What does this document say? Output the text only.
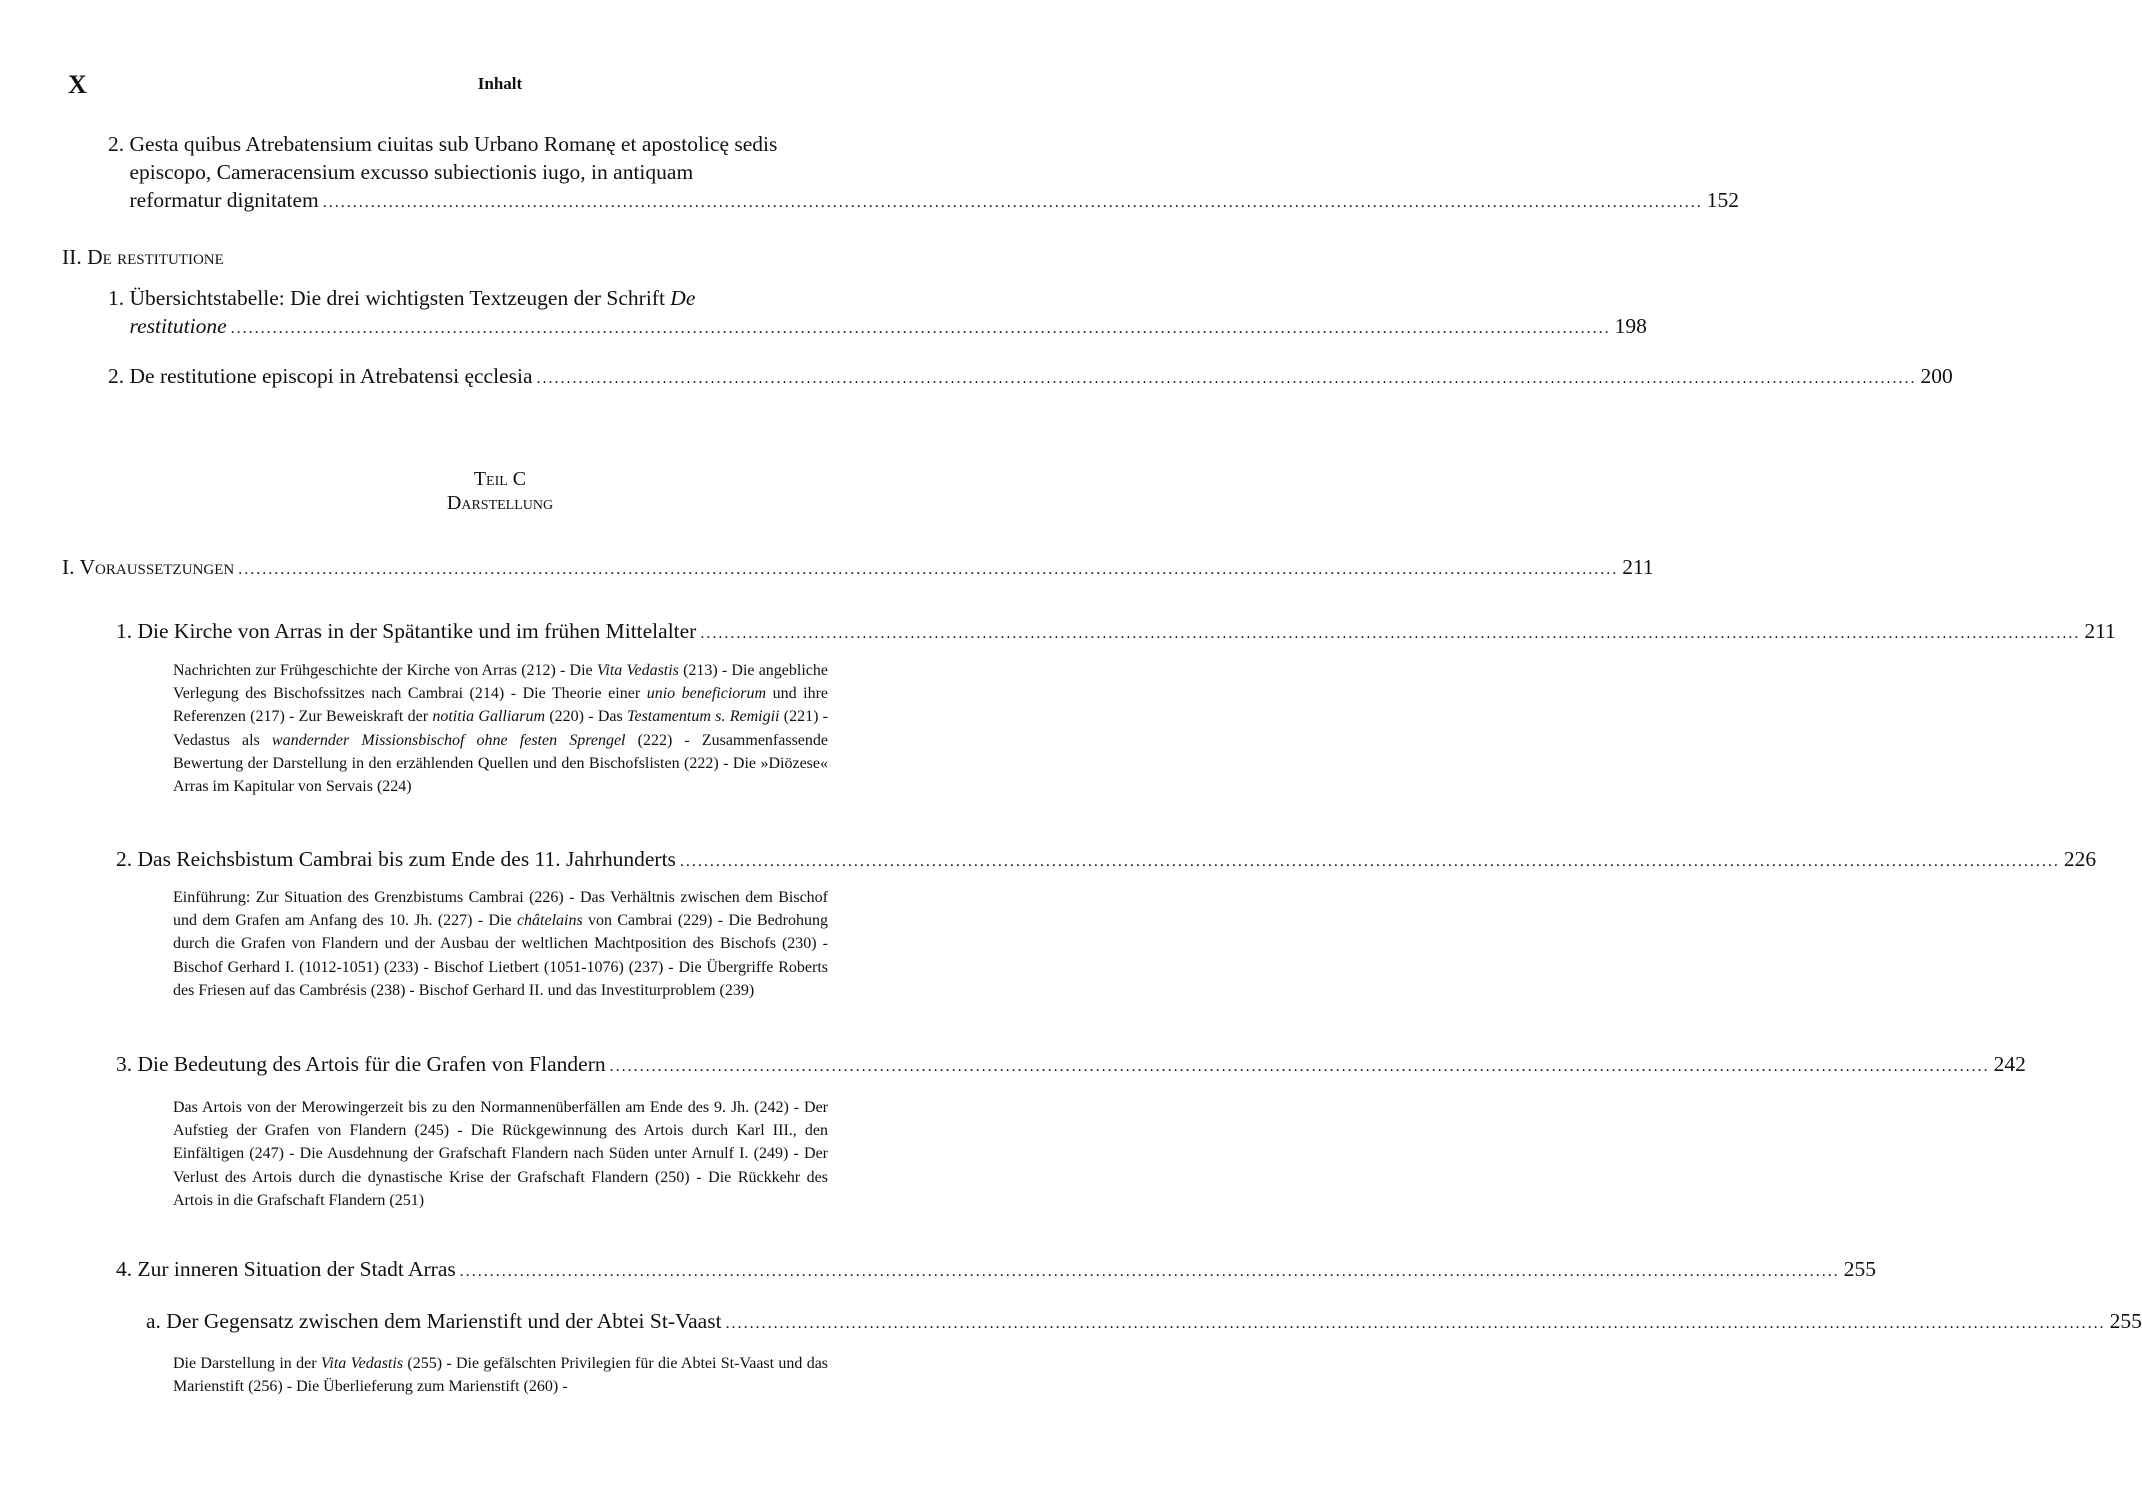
X	Inhalt
2.
Gesta quibus Atrebatensium ciuitas sub Urbano Romanę et apostolicę sedis
episcopo, Cameracensium excusso subiectionis iugo, in antiquam
reformatur dignitatem .....	152
II. De restitutione
1.
Übersichtstabelle: Die drei wichtigsten Textzeugen der Schrift De
restitutione .....	198
2.
De restitutione episcopi in Atrebatensi ęcclesia .....	200
Teil C
Darstellung
I. Voraussetzungen .....	211
1.
Die Kirche von Arras in der Spätantike und im frühen Mittelalter .....	211
Nachrichten zur Frühgeschichte der Kirche von Arras (212) - Die Vita Vedastis (213) - Die angebliche Verlegung des Bischofssitzes nach Cambrai (214) - Die Theorie einer unio beneficiorum und ihre Referenzen (217) - Zur Beweiskraft der notitia Galliarum (220) - Das Testamentum s. Remigii (221) - Vedastus als wandernder Missionsbischof ohne festen Sprengel (222) - Zusammenfassende Bewertung der Darstellung in den erzählenden Quellen und den Bischofslisten (222) - Die »Diözese« Arras im Kapitular von Servais (224)
2.
Das Reichsbistum Cambrai bis zum Ende des 11. Jahrhunderts .....	226
Einführung: Zur Situation des Grenzbistums Cambrai (226) - Das Verhältnis zwischen dem Bischof und dem Grafen am Anfang des 10. Jh. (227) - Die châtelains von Cambrai (229) - Die Bedrohung durch die Grafen von Flandern und der Ausbau der weltlichen Machtposition des Bischofs (230) - Bischof Gerhard I. (1012-1051) (233) - Bischof Lietbert (1051-1076) (237) - Die Übergriffe Roberts des Friesen auf das Cambrésis (238) - Bischof Gerhard II. und das Investiturproblem (239)
3.
Die Bedeutung des Artois für die Grafen von Flandern .....	242
Das Artois von der Merowingerzeit bis zu den Normannenüberfällen am Ende des 9. Jh. (242) - Der Aufstieg der Grafen von Flandern (245) - Die Rückgewinnung des Artois durch Karl III., den Einfältigen (247) - Die Ausdehnung der Grafschaft Flandern nach Süden unter Arnulf I. (249) - Der Verlust des Artois durch die dynastische Krise der Grafschaft Flandern (250) - Die Rückkehr des Artois in die Grafschaft Flandern (251)
4.
Zur inneren Situation der Stadt Arras .....	255
a.
Der Gegensatz zwischen dem Marienstift und der Abtei St-Vaast .....	255
Die Darstellung in der Vita Vedastis (255) - Die gefälschten Privilegien für die Abtei St-Vaast und das Marienstift (256) - Die Überlieferung zum Marienstift (260) -
